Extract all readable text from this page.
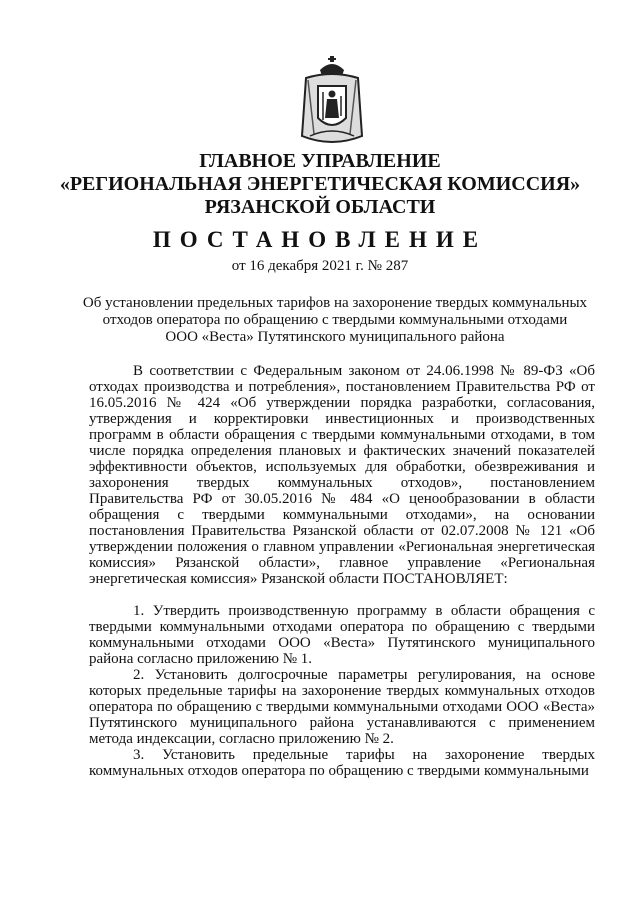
ГЛАВНОЕ УПРАВЛЕНИЕ
«РЕГИОНАЛЬНАЯ ЭНЕРГЕТИЧЕСКАЯ КОМИССИЯ»
РЯЗАНСКОЙ ОБЛАСТИ
ПОСТАНОВЛЕНИЕ
от 16 декабря 2021 г. № 287
Об установлении предельных тарифов на захоронение твердых коммунальных
отходов оператора по обращению с твердыми коммунальными отходами
ООО «Веста» Путятинского муниципального района

В соответствии с Федеральным законом от 24.06.1998 № 89-ФЗ «Об отходах производства и потребления», постановлением Правительства РФ от 16.05.2016 № 424 «Об утверждении порядка разработки, согласования, утверждения и корректировки инвестиционных и производственных программ в области обращения с твердыми коммунальными отходами, в том числе порядка определения плановых и фактических значений показателей эффективности объектов, используемых для обработки, обезвреживания и захоронения твердых коммунальных отходов», постановлением Правительства РФ от 30.05.2016 № 484 «О ценообразовании в области обращения с твердыми коммунальными отходами», на основании постановления Правительства Рязанской области от 02.07.2008 № 121 «Об утверждении положения о главном управлении «Региональная энергетическая комиссия» Рязанской области», главное управление «Региональная энергетическая комиссия» Рязанской области ПОСТАНОВЛЯЕТ:

1. Утвердить производственную программу в области обращения с твердыми коммунальными отходами оператора по обращению с твердыми коммунальными отходами ООО «Веста» Путятинского муниципального района согласно приложению № 1.

2. Установить долгосрочные параметры регулирования, на основе которых предельные тарифы на захоронение твердых коммунальных отходов оператора по обращению с твердыми коммунальными отходами ООО «Веста» Путятинского муниципального района устанавливаются с применением метода индексации, согласно приложению № 2.

3. Установить предельные тарифы на захоронение твердых коммунальных отходов оператора по обращению с твердыми коммунальными
